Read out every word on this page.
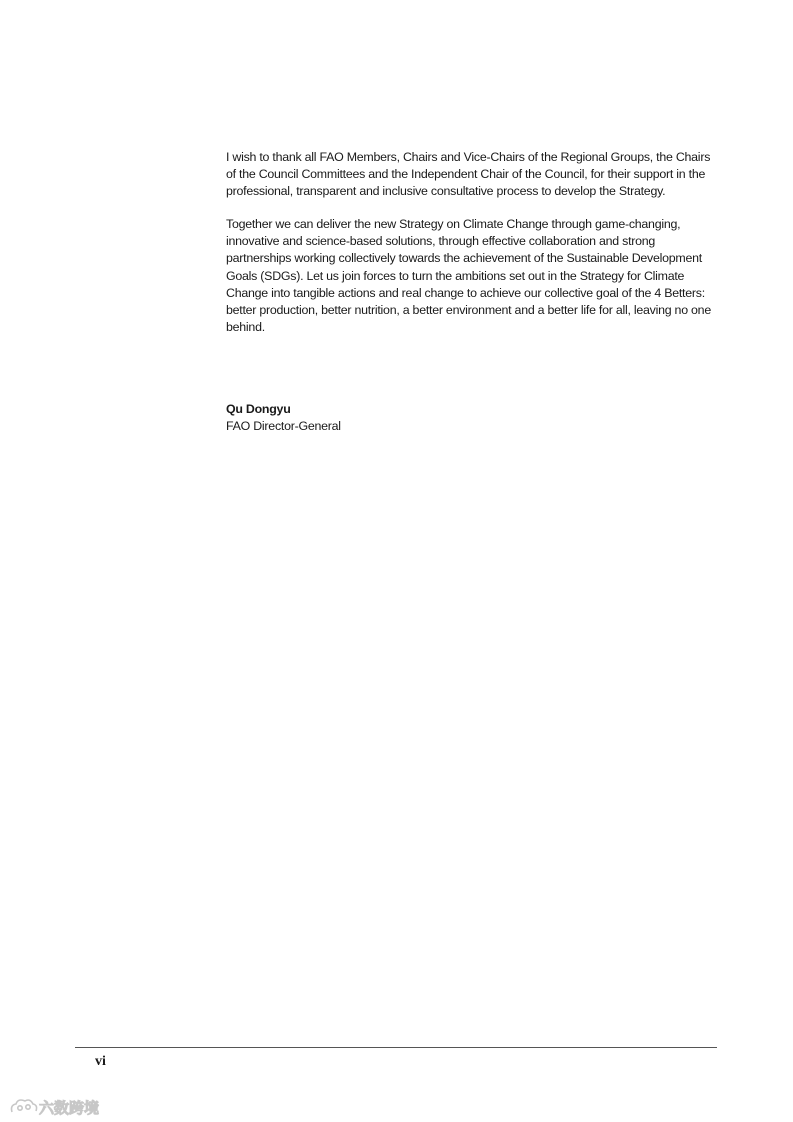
I wish to thank all FAO Members, Chairs and Vice-Chairs of the Regional Groups, the Chairs of the Council Committees and the Independent Chair of the Council, for their support in the professional, transparent and inclusive consultative process to develop the Strategy.

Together we can deliver the new Strategy on Climate Change through game-changing, innovative and science-based solutions, through effective collaboration and strong partnerships working collectively towards the achievement of the Sustainable Development Goals (SDGs). Let us join forces to turn the ambitions set out in the Strategy for Climate Change into tangible actions and real change to achieve our collective goal of the 4 Betters: better production, better nutrition, a better environment and a better life for all, leaving no one behind.

Qu Dongyu
FAO Director-General
vi
六数跨境
